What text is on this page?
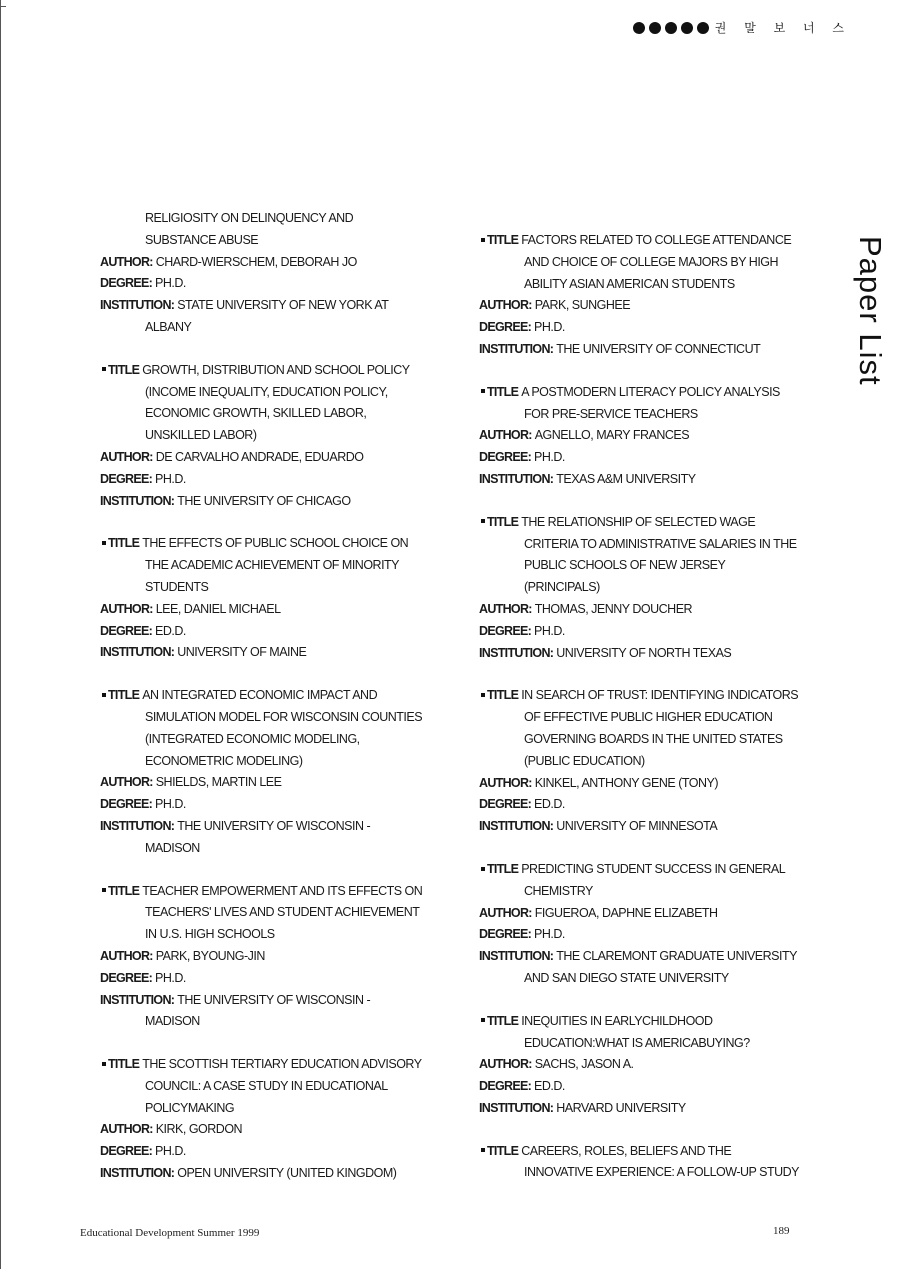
권 말 보 너 스
Paper List
RELIGIOSITY ON DELINQUENCY AND
SUBSTANCE ABUSE
AUTHOR: CHARD-WIERSCHEM, DEBORAH JO
DEGREE: PH.D.
INSTITUTION: STATE UNIVERSITY OF NEW YORK AT
ALBANY
TITLE GROWTH, DISTRIBUTION AND SCHOOL POLICY
(INCOME INEQUALITY, EDUCATION POLICY,
ECONOMIC GROWTH, SKILLED LABOR,
UNSKILLED LABOR)
AUTHOR: DE CARVALHO ANDRADE, EDUARDO
DEGREE: PH.D.
INSTITUTION: THE UNIVERSITY OF CHICAGO
TITLE THE EFFECTS OF PUBLIC SCHOOL CHOICE ON
THE ACADEMIC ACHIEVEMENT OF MINORITY
STUDENTS
AUTHOR: LEE, DANIEL MICHAEL
DEGREE: ED.D.
INSTITUTION: UNIVERSITY OF MAINE
TITLE AN INTEGRATED ECONOMIC IMPACT AND
SIMULATION MODEL FOR WISCONSIN COUNTIES
(INTEGRATED ECONOMIC MODELING,
ECONOMETRIC MODELING)
AUTHOR: SHIELDS, MARTIN LEE
DEGREE: PH.D.
INSTITUTION: THE UNIVERSITY OF WISCONSIN -
MADISON
TITLE TEACHER EMPOWERMENT AND ITS EFFECTS ON
TEACHERS' LIVES AND STUDENT ACHIEVEMENT
IN U.S. HIGH SCHOOLS
AUTHOR: PARK, BYOUNG-JIN
DEGREE: PH.D.
INSTITUTION: THE UNIVERSITY OF WISCONSIN -
MADISON
TITLE THE SCOTTISH TERTIARY EDUCATION ADVISORY
COUNCIL: A CASE STUDY IN EDUCATIONAL
POLICYMAKING
AUTHOR: KIRK, GORDON
DEGREE: PH.D.
INSTITUTION: OPEN UNIVERSITY (UNITED KINGDOM)
TITLE FACTORS RELATED TO COLLEGE ATTENDANCE
AND CHOICE OF COLLEGE MAJORS BY HIGH
ABILITY ASIAN AMERICAN STUDENTS
AUTHOR: PARK, SUNGHEE
DEGREE: PH.D.
INSTITUTION: THE UNIVERSITY OF CONNECTICUT
TITLE A POSTMODERN LITERACY POLICY ANALYSIS
FOR PRE-SERVICE TEACHERS
AUTHOR: AGNELLO, MARY FRANCES
DEGREE: PH.D.
INSTITUTION: TEXAS A&M UNIVERSITY
TITLE THE RELATIONSHIP OF SELECTED WAGE
CRITERIA TO ADMINISTRATIVE SALARIES IN THE
PUBLIC SCHOOLS OF NEW JERSEY
(PRINCIPALS)
AUTHOR: THOMAS, JENNY DOUCHER
DEGREE: PH.D.
INSTITUTION: UNIVERSITY OF NORTH TEXAS
TITLE IN SEARCH OF TRUST: IDENTIFYING INDICATORS
OF EFFECTIVE PUBLIC HIGHER EDUCATION
GOVERNING BOARDS IN THE UNITED STATES
(PUBLIC EDUCATION)
AUTHOR: KINKEL, ANTHONY GENE (TONY)
DEGREE: ED.D.
INSTITUTION: UNIVERSITY OF MINNESOTA
TITLE PREDICTING STUDENT SUCCESS IN GENERAL
CHEMISTRY
AUTHOR: FIGUEROA, DAPHNE ELIZABETH
DEGREE: PH.D.
INSTITUTION: THE CLAREMONT GRADUATE UNIVERSITY
AND SAN DIEGO STATE UNIVERSITY
TITLE INEQUITIES IN EARLYCHILDHOOD
EDUCATION:WHAT IS AMERICABUYING?
AUTHOR: SACHS, JASON A.
DEGREE: ED.D.
INSTITUTION: HARVARD UNIVERSITY
TITLE CAREERS, ROLES, BELIEFS AND THE
INNOVATIVE EXPERIENCE: A FOLLOW-UP STUDY
Educational Development Summer 1999	189
